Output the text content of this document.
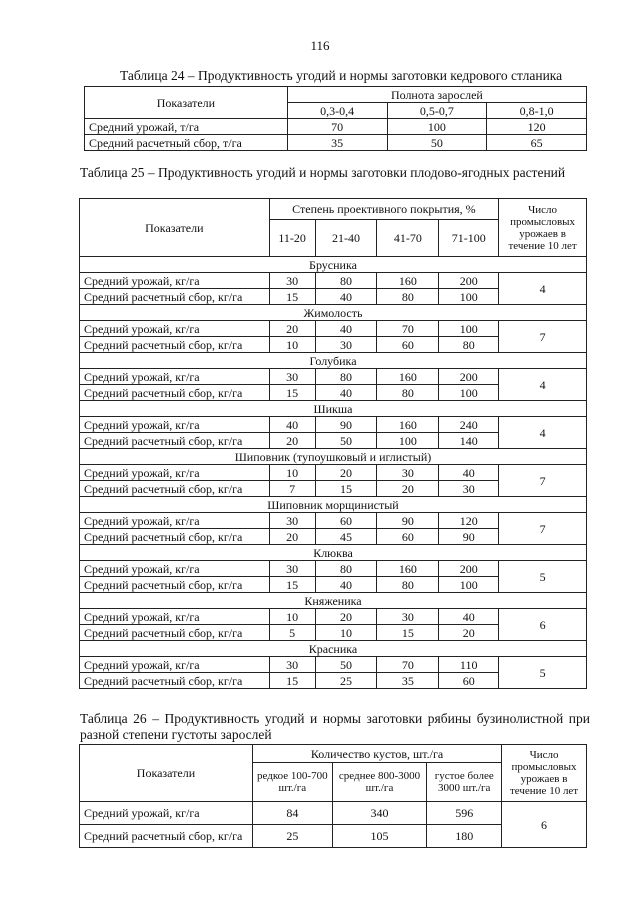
116
Таблица 24 – Продуктивность угодий и нормы заготовки кедрового стланика
Показатели	Полнота зарослей		
	0,3-0,4	0,5-0,7	0,8-1,0
Средний урожай, т/га	70	100	120
Средний расчетный сбор, т/га	35	50	65
Таблица 25 – Продуктивность угодий и нормы заготовки плодово-ягодных растений
Показатели	Степень проективного покрытия, %				Число промысловых урожаев в течение 10 лет
	11-20	21-40	41-70	71-100	
Брусника					
Средний урожай, кг/га	30	80	160	200	4
Средний расчетный сбор, кг/га	15	40	80	100	
Жимолость					
Средний урожай, кг/га	20	40	70	100	7
Средний расчетный сбор, кг/га	10	30	60	80	
Голубика					
Средний урожай, кг/га	30	80	160	200	4
Средний расчетный сбор, кг/га	15	40	80	100	
Шикша					
Средний урожай, кг/га	40	90	160	240	4
Средний расчетный сбор, кг/га	20	50	100	140	
Шиповник (тупоушковый и иглистый)					
Средний урожай, кг/га	10	20	30	40	7
Средний расчетный сбор, кг/га	7	15	20	30	
Шиповник морщинистый					
Средний урожай, кг/га	30	60	90	120	7
Средний расчетный сбор, кг/га	20	45	60	90	
Клюква					
Средний урожай, кг/га	30	80	160	200	5
Средний расчетный сбор, кг/га	15	40	80	100	
Княженика					
Средний урожай, кг/га	10	20	30	40	6
Средний расчетный сбор, кг/га	5	10	15	20	
Красника					
Средний урожай, кг/га	30	50	70	110	5
Средний расчетный сбор, кг/га	15	25	35	60	
Таблица 26 – Продуктивность угодий и нормы заготовки рябины бузинолистной при разной степени густоты зарослей
Показатели	Количество кустов, шт./га			Число промысловых урожаев в течение 10 лет
	редкое 100-700 шт./га	среднее 800-3000 шт./га	густое более 3000 шт./га	
Средний урожай, кг/га	84	340	596	6
Средний расчетный сбор, кг/га	25	105	180	
